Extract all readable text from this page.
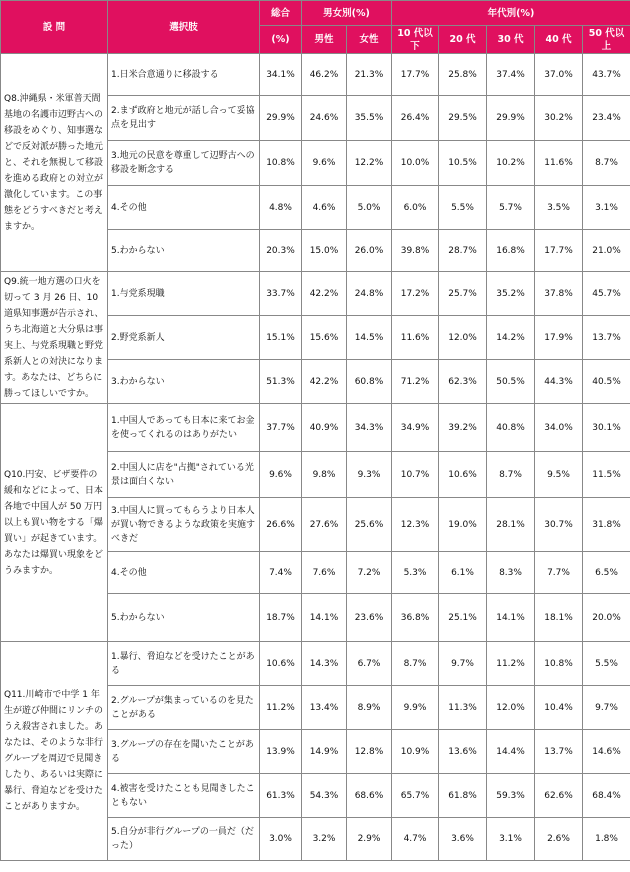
設 問	選択肢	総合	男女別(%)		年代別(%)				
		(%)	男性	女性	10 代以下	20 代	30 代	40 代	50 代以上
Q8.沖縄県・米軍普天間基地の名護市辺野古への移設をめぐり、知事選などで反対派が勝った地元と、それを無視して移設を進める政府との対立が激化しています。この事態をどうすべきだと考えますか。	1.日米合意通りに移設する	34.1%	46.2%	21.3%	17.7%	25.8%	37.4%	37.0%	43.7%
	2.まず政府と地元が話し合って妥協点を見出す	29.9%	24.6%	35.5%	26.4%	29.5%	29.9%	30.2%	23.4%
	3.地元の民意を尊重して辺野古への移設を断念する	10.8%	9.6%	12.2%	10.0%	10.5%	10.2%	11.6%	8.7%
	4.その他	4.8%	4.6%	5.0%	6.0%	5.5%	5.7%	3.5%	3.1%
	5.わからない	20.3%	15.0%	26.0%	39.8%	28.7%	16.8%	17.7%	21.0%
Q9.統一地方選の口火を切って 3 月 26 日、10 道県知事選が告示され、うち北海道と大分県は事実上、与党系現職と野党系新人との対決になります。あなたは、どちらに勝ってほしいですか。	1.与党系現職	33.7%	42.2%	24.8%	17.2%	25.7%	35.2%	37.8%	45.7%
	2.野党系新人	15.1%	15.6%	14.5%	11.6%	12.0%	14.2%	17.9%	13.7%
	3.わからない	51.3%	42.2%	60.8%	71.2%	62.3%	50.5%	44.3%	40.5%
Q10.円安、ビザ要件の緩和などによって、日本各地で中国人が 50 万円以上も買い物をする「爆買い」が起きています。あなたは爆買い現象をどうみますか。	1.中国人であっても日本に来てお金を使ってくれるのはありがたい	37.7%	40.9%	34.3%	34.9%	39.2%	40.8%	34.0%	30.1%
	2.中国人に店を"占拠"されている光景は面白くない	9.6%	9.8%	9.3%	10.7%	10.6%	8.7%	9.5%	11.5%
	3.中国人に買ってもらうより日本人が買い物できるような政策を実施すべきだ	26.6%	27.6%	25.6%	12.3%	19.0%	28.1%	30.7%	31.8%
	4.その他	7.4%	7.6%	7.2%	5.3%	6.1%	8.3%	7.7%	6.5%
	5.わからない	18.7%	14.1%	23.6%	36.8%	25.1%	14.1%	18.1%	20.0%
Q11.川崎市で中学 1 年生が遊び仲間にリンチのうえ殺害されました。あなたは、そのような非行グループを周辺で見聞きしたり、あるいは実際に暴行、脅迫などを受けたことがありますか。	1.暴行、脅迫などを受けたことがある	10.6%	14.3%	6.7%	8.7%	9.7%	11.2%	10.8%	5.5%
	2.グループが集まっているのを見たことがある	11.2%	13.4%	8.9%	9.9%	11.3%	12.0%	10.4%	9.7%
	3.グループの存在を聞いたことがある	13.9%	14.9%	12.8%	10.9%	13.6%	14.4%	13.7%	14.6%
	4.被害を受けたことも見聞きしたこともない	61.3%	54.3%	68.6%	65.7%	61.8%	59.3%	62.6%	68.4%
	5.自分が非行グループの一員だ（だった）	3.0%	3.2%	2.9%	4.7%	3.6%	3.1%	2.6%	1.8%
